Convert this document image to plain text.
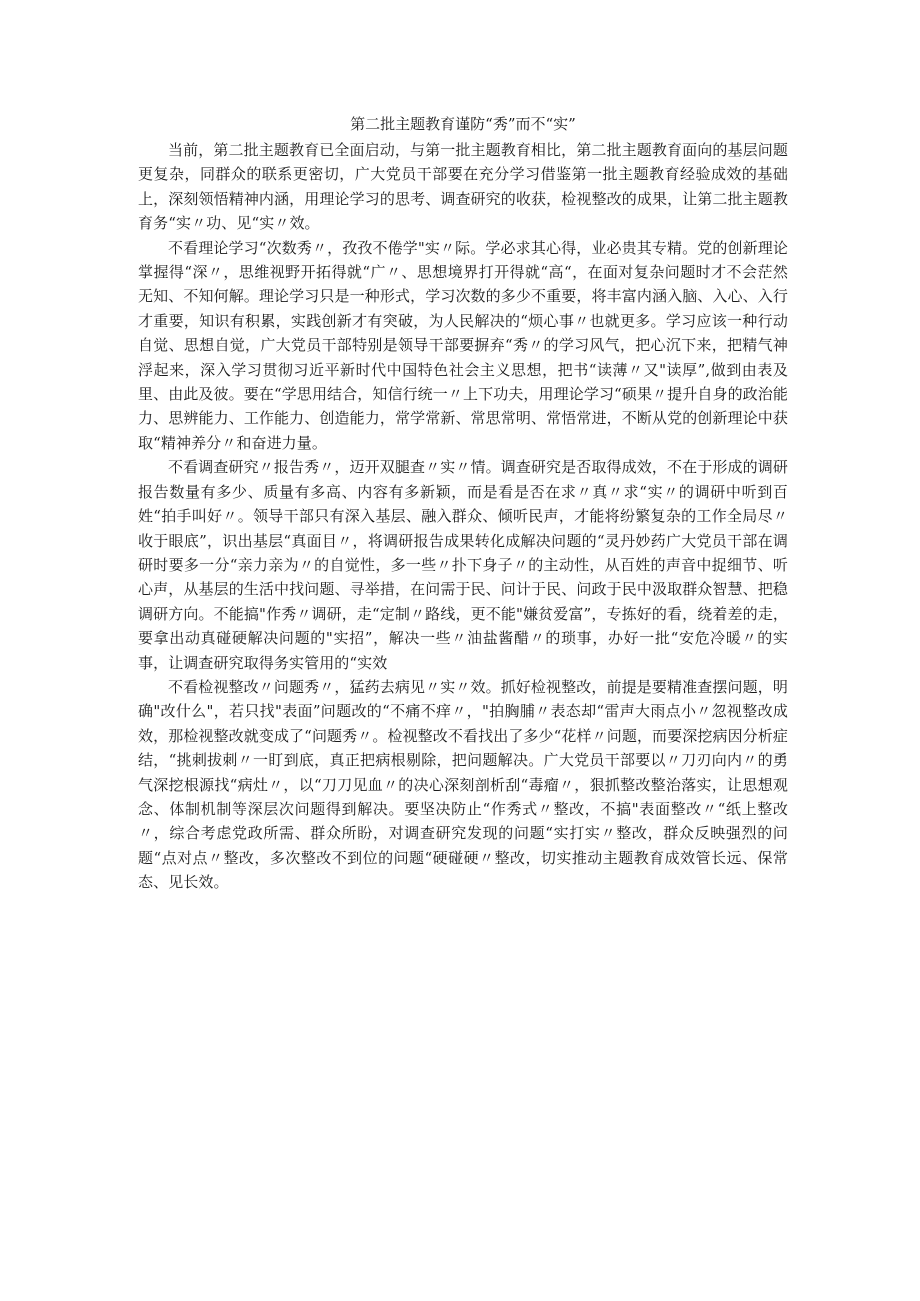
第二批主题教育谨防“秀”而不“实”

当前，第二批主题教育已全面启动，与第一批主题教育相比，第二批主题教育面向的基层问题更复杂，同群众的联系更密切，广大党员干部要在充分学习借鉴第一批主题教育经验成效的基础上，深刻领悟精神内涵，用理论学习的思考、调查研究的收获，检视整改的成果，让第二批主题教育务“实〃功、见“实〃效。

不看理论学习“次数秀〃，孜孜不倦学"实〃际。学必求其心得，业必贵其专精。党的创新理论掌握得“深〃，思维视野开拓得就“广〃、思想境界打开得就“高“，在面对复杂问题时才不会茫然无知、不知何解。理论学习只是一种形式，学习次数的多少不重要，将丰富内涵入脑、入心、入行才重要，知识有积累，实践创新才有突破，为人民解决的“烦心事〃也就更多。学习应该一种行动自觉、思想自觉，广大党员干部特别是领导干部要摒弃“秀〃的学习风气，把心沉下来，把精气神浮起来，深入学习贯彻习近平新时代中国特色社会主义思想，把书“读薄〃又"读厚”,做到由表及里、由此及彼。要在“学思用结合，知信行统一〃上下功夫，用理论学习“硕果〃提升自身的政治能力、思辨能力、工作能力、创造能力，常学常新、常思常明、常悟常进，不断从党的创新理论中获取“精神养分〃和奋进力量。

不看调查研究〃报告秀〃，迈开双腿查〃实〃情。调查研究是否取得成效，不在于形成的调研报告数量有多少、质量有多高、内容有多新颖，而是看是否在求〃真〃求“实〃的调研中听到百姓“拍手叫好〃。领导干部只有深入基层、融入群众、倾听民声，才能将纷繁复杂的工作全局尽〃收于眼底”，识出基层“真面目〃，将调研报告成果转化成解决问题的“灵丹妙药广大党员干部在调研时要多一分“亲力亲为〃的自觉性，多一些〃扑下身子〃的主动性，从百姓的声音中捉细节、听心声，从基层的生活中找问题、寻举措，在问需于民、问计于民、问政于民中汲取群众智慧、把稳调研方向。不能搞"作秀〃调研，走“定制〃路线，更不能"嫌贫爱富”，专拣好的看，绕着差的走，要拿出动真碰硬解决问题的"实招”，解决一些〃油盐酱醋〃的琐事，办好一批“安危冷暖〃的实事，让调查研究取得务实管用的“实效

不看检视整改〃问题秀〃，猛药去病见〃实〃效。抓好检视整改，前提是要精准查摆问题，明确"改什么"，若只找"表面”问题改的“不痛不痒〃，"拍胸脯〃表态却“雷声大雨点小〃忽视整改成效，那检视整改就变成了“问题秀〃。检视整改不看找出了多少“花样〃问题，而要深挖病因分析症结，“挑刺拔刺〃一盯到底，真正把病根剔除，把问题解决。广大党员干部要以〃刀刃向内〃的勇气深挖根源找“病灶〃，以“刀刀见血〃的决心深刻剖析刮“毒瘤〃，狠抓整改整治落实，让思想观念、体制机制等深层次问题得到解决。要坚决防止“作秀式〃整改，不搞"表面整改〃“纸上整改〃，综合考虑党政所需、群众所盼，对调查研究发现的问题“实打实〃整改，群众反映强烈的问题“点对点〃整改，多次整改不到位的问题“硬碰硬〃整改，切实推动主题教育成效管长远、保常态、见长效。
